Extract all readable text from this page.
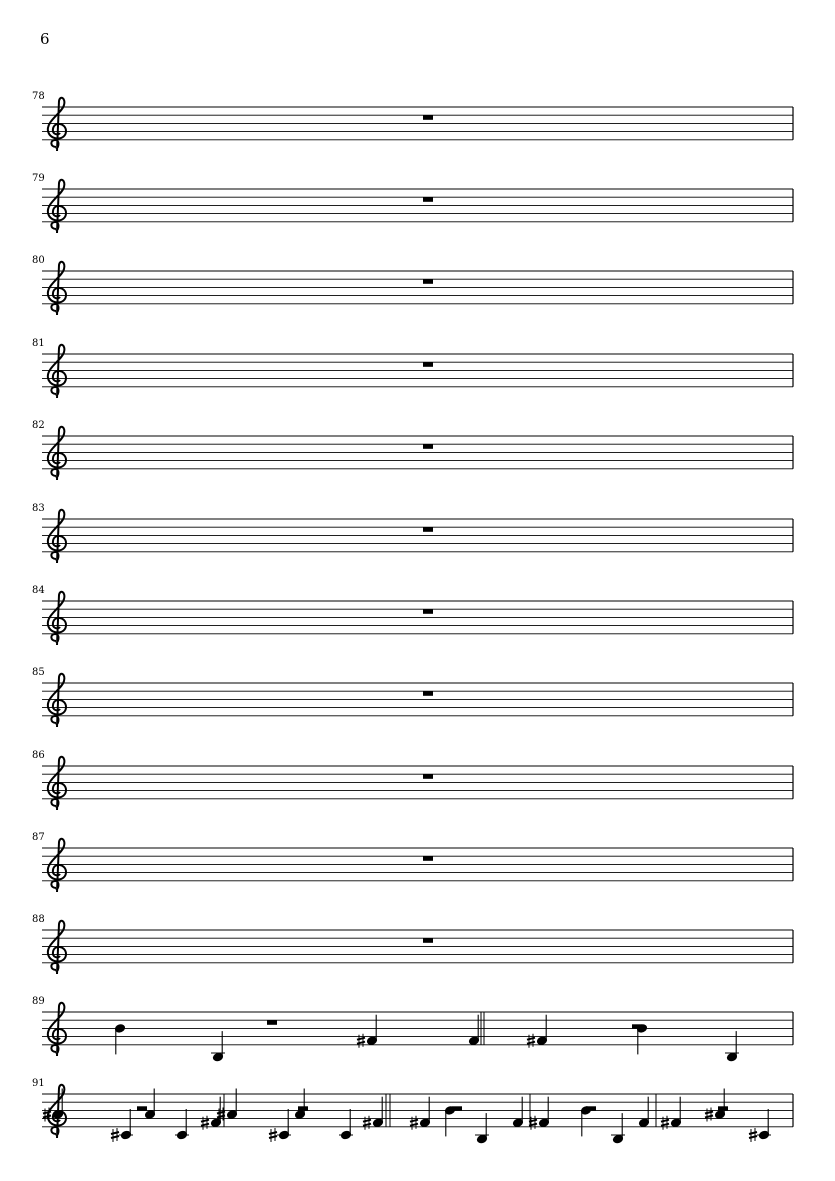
6
78
79
80
81
82
83
84
85
86
87
88
89
91
